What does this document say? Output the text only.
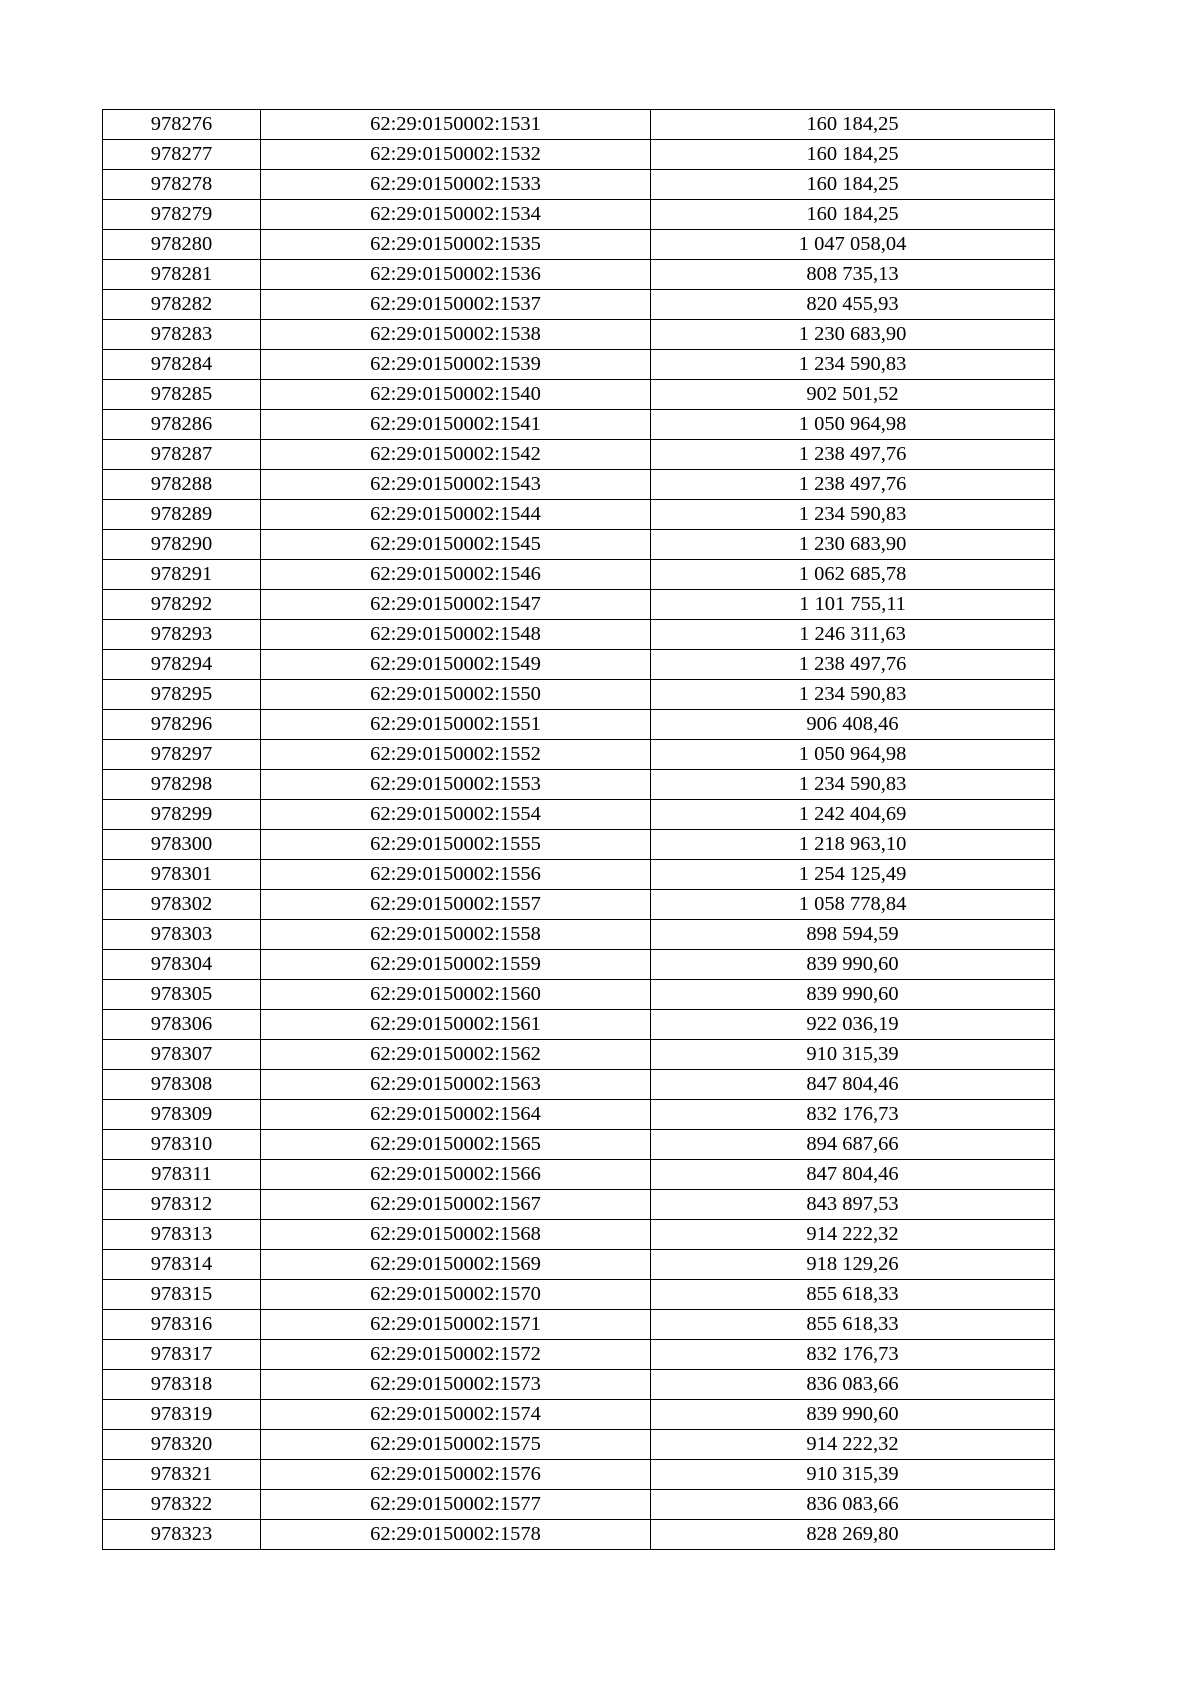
978276	62:29:0150002:1531	160 184,25
978277	62:29:0150002:1532	160 184,25
978278	62:29:0150002:1533	160 184,25
978279	62:29:0150002:1534	160 184,25
978280	62:29:0150002:1535	1 047 058,04
978281	62:29:0150002:1536	808 735,13
978282	62:29:0150002:1537	820 455,93
978283	62:29:0150002:1538	1 230 683,90
978284	62:29:0150002:1539	1 234 590,83
978285	62:29:0150002:1540	902 501,52
978286	62:29:0150002:1541	1 050 964,98
978287	62:29:0150002:1542	1 238 497,76
978288	62:29:0150002:1543	1 238 497,76
978289	62:29:0150002:1544	1 234 590,83
978290	62:29:0150002:1545	1 230 683,90
978291	62:29:0150002:1546	1 062 685,78
978292	62:29:0150002:1547	1 101 755,11
978293	62:29:0150002:1548	1 246 311,63
978294	62:29:0150002:1549	1 238 497,76
978295	62:29:0150002:1550	1 234 590,83
978296	62:29:0150002:1551	906 408,46
978297	62:29:0150002:1552	1 050 964,98
978298	62:29:0150002:1553	1 234 590,83
978299	62:29:0150002:1554	1 242 404,69
978300	62:29:0150002:1555	1 218 963,10
978301	62:29:0150002:1556	1 254 125,49
978302	62:29:0150002:1557	1 058 778,84
978303	62:29:0150002:1558	898 594,59
978304	62:29:0150002:1559	839 990,60
978305	62:29:0150002:1560	839 990,60
978306	62:29:0150002:1561	922 036,19
978307	62:29:0150002:1562	910 315,39
978308	62:29:0150002:1563	847 804,46
978309	62:29:0150002:1564	832 176,73
978310	62:29:0150002:1565	894 687,66
978311	62:29:0150002:1566	847 804,46
978312	62:29:0150002:1567	843 897,53
978313	62:29:0150002:1568	914 222,32
978314	62:29:0150002:1569	918 129,26
978315	62:29:0150002:1570	855 618,33
978316	62:29:0150002:1571	855 618,33
978317	62:29:0150002:1572	832 176,73
978318	62:29:0150002:1573	836 083,66
978319	62:29:0150002:1574	839 990,60
978320	62:29:0150002:1575	914 222,32
978321	62:29:0150002:1576	910 315,39
978322	62:29:0150002:1577	836 083,66
978323	62:29:0150002:1578	828 269,80
